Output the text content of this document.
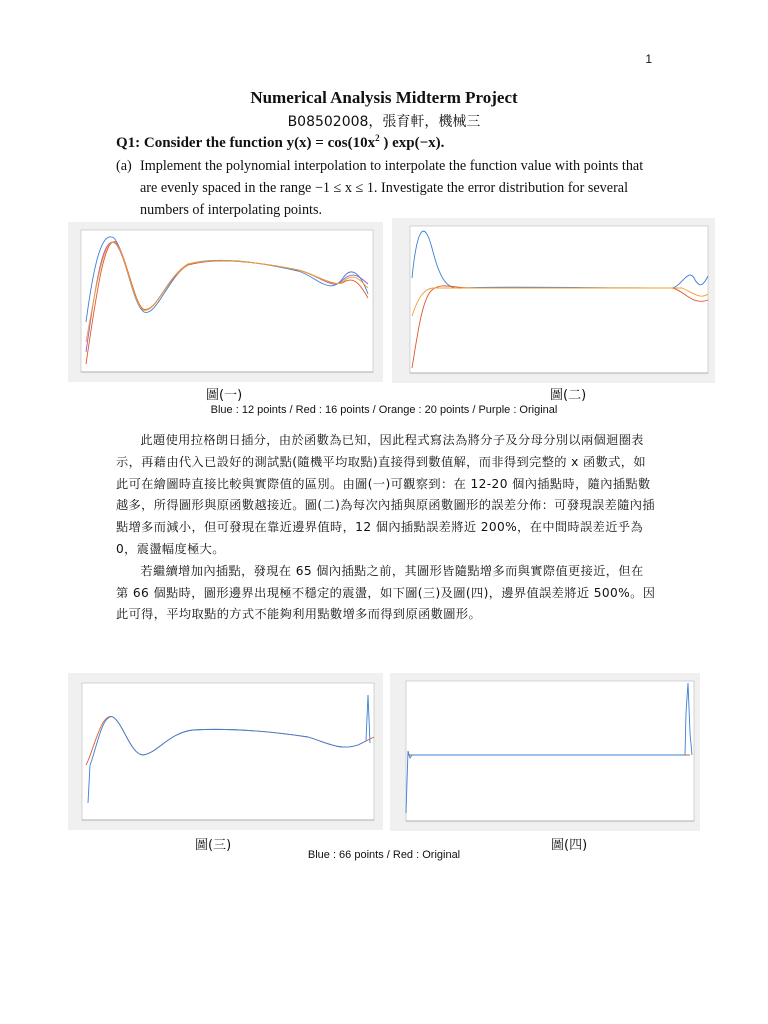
1
Numerical Analysis Midterm Project
B08502008，張育軒，機械三
Q1: Consider the function $y(x) = \cos(10x^2$ ) exp(−x).
(a) Implement the polynomial interpolation to interpolate the function value with points that are evenly spaced in the range −1 ≤ x ≤ 1. Investigate the error distribution for several numbers of interpolating points.
圖(一)	圖(二)
Blue : 12 points / Red : 16 points / Orange : 20 points / Purple : Original

此題使用拉格朗日插分，由於函數為已知，因此程式寫法為將分子及分母分別以兩個迴圈表示，再藉由代入已設好的測試點(隨機平均取點)直接得到數值解，而非得到完整的 x 函數式，如此可在繪圖時直接比較與實際值的區別。由圖(一)可觀察到：在 12-20 個內插點時，隨內插點數越多，所得圖形與原函數越接近。圖(二)為每次內插與原函數圖形的誤差分佈：可發現誤差隨內插點增多而減小，但可發現在靠近邊界值時，12 個內插點誤差將近 200%，在中間時誤差近乎為 0，震盪幅度極大。

若繼續增加內插點，發現在 65 個內插點之前，其圖形皆隨點增多而與實際值更接近，但在第 66 個點時，圖形邊界出現極不穩定的震盪，如下圖(三)及圖(四)，邊界值誤差將近 500%。因此可得，平均取點的方式不能夠利用點數增多而得到原函數圖形。

圖(三)	圖(四)
Blue : 66 points / Red : Original
